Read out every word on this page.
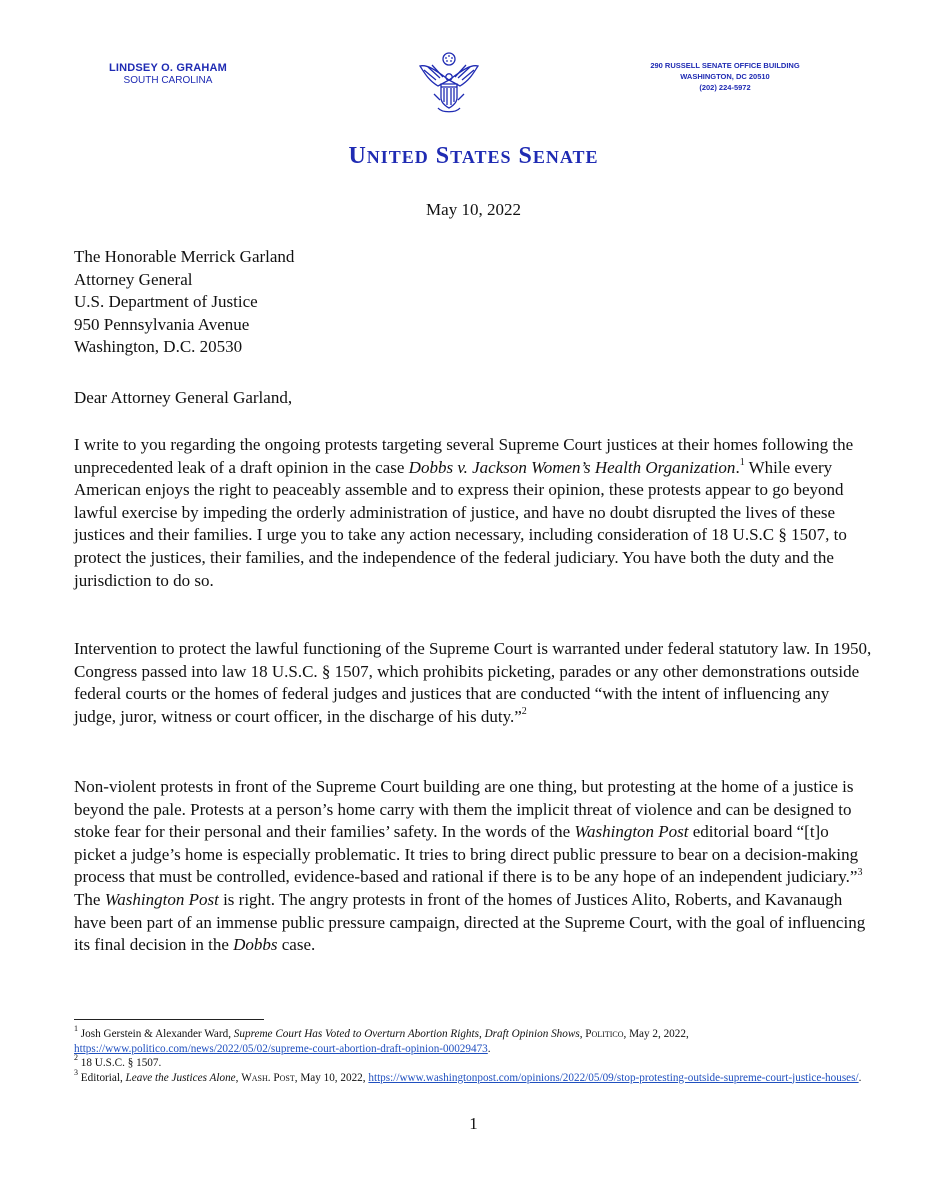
LINDSEY O. GRAHAM
SOUTH CAROLINA
290 RUSSELL SENATE OFFICE BUILDING
WASHINGTON, DC 20510
(202) 224-5972
UNITED STATES SENATE
May 10, 2022
The Honorable Merrick Garland
Attorney General
U.S. Department of Justice
950 Pennsylvania Avenue
Washington, D.C. 20530
Dear Attorney General Garland,

I write to you regarding the ongoing protests targeting several Supreme Court justices at their homes following the unprecedented leak of a draft opinion in the case Dobbs v. Jackson Women’s Health Organization.$^1$ While every American enjoys the right to peaceably assemble and to express their opinion, these protests appear to go beyond lawful exercise by impeding the orderly administration of justice, and have no doubt disrupted the lives of these justices and their families. I urge you to take any action necessary, including consideration of 18 U.S.C § 1507, to protect the justices, their families, and the independence of the federal judiciary. You have both the duty and the jurisdiction to do so.

Intervention to protect the lawful functioning of the Supreme Court is warranted under federal statutory law. In 1950, Congress passed into law 18 U.S.C. § 1507, which prohibits picketing, parades or any other demonstrations outside federal courts or the homes of federal judges and justices that are conducted “with the intent of influencing any judge, juror, witness or court officer, in the discharge of his duty.”$^2$

Non-violent protests in front of the Supreme Court building are one thing, but protesting at the home of a justice is beyond the pale. Protests at a person’s home carry with them the implicit threat of violence and can be designed to stoke fear for their personal and their families’ safety. In the words of the Washington Post editorial board “[t]o picket a judge’s home is especially problematic. It tries to bring direct public pressure to bear on a decision-making process that must be controlled, evidence-based and rational if there is to be any hope of an independent judiciary.”$^3$ The Washington Post is right. The angry protests in front of the homes of Justices Alito, Roberts, and Kavanaugh have been part of an immense public pressure campaign, directed at the Supreme Court, with the goal of influencing its final decision in the Dobbs case.

$^1$ Josh Gerstein & Alexander Ward, Supreme Court Has Voted to Overturn Abortion Rights, Draft Opinion Shows, Politico, May 2, 2022,
https://www.politico.com/news/2022/05/02/supreme-court-abortion-draft-opinion-00029473.
$^2$ 18 U.S.C. § 1507.
$^3$ Editorial, Leave the Justices Alone, Wash. Post, May 10, 2022, https://www.washingtonpost.com/opinions/2022/05/09/stop-protesting-outside-supreme-court-justice-houses/.
1
